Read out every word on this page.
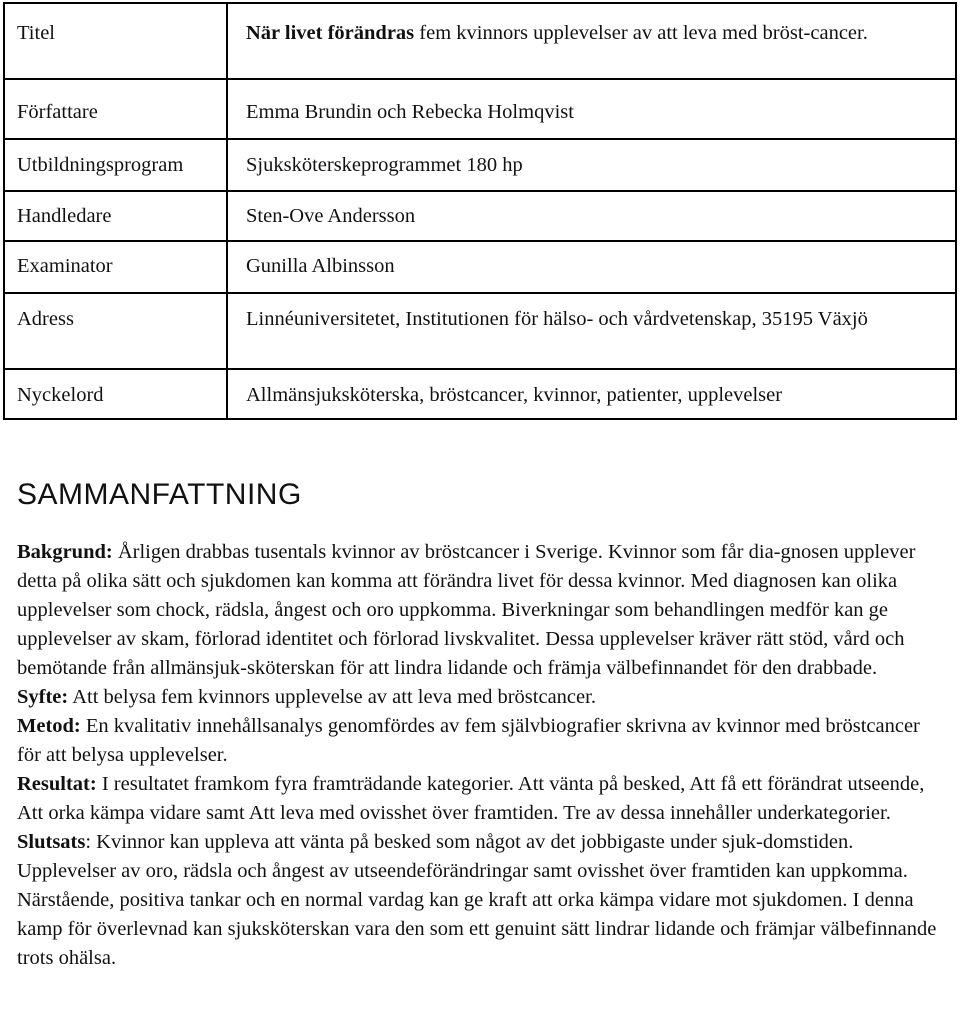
Titel	När livet förändras fem kvinnors upplevelser av att leva med bröst-cancer.
Författare	Emma Brundin och Rebecka Holmqvist
Utbildningsprogram	Sjuksköterskeprogrammet 180 hp
Handledare	Sten-Ove Andersson
Examinator	Gunilla Albinsson
Adress	Linnéuniversitetet, Institutionen för hälso- och vårdvetenskap, 35195 Växjö
Nyckelord	Allmänsjuksköterska, bröstcancer, kvinnor, patienter, upplevelser
SAMMANFATTNING

Bakgrund: Årligen drabbas tusentals kvinnor av bröstcancer i Sverige. Kvinnor som får dia-gnosen upplever detta på olika sätt och sjukdomen kan komma att förändra livet för dessa kvinnor. Med diagnosen kan olika upplevelser som chock, rädsla, ångest och oro uppkomma. Biverkningar som behandlingen medför kan ge upplevelser av skam, förlorad identitet och förlorad livskvalitet. Dessa upplevelser kräver rätt stöd, vård och bemötande från allmänsjuk-sköterskan för att lindra lidande och främja välbefinnandet för den drabbade.

Syfte: Att belysa fem kvinnors upplevelse av att leva med bröstcancer.

Metod: En kvalitativ innehållsanalys genomfördes av fem självbiografier skrivna av kvinnor med bröstcancer för att belysa upplevelser.

Resultat: I resultatet framkom fyra framträdande kategorier. Att vänta på besked, Att få ett förändrat utseende, Att orka kämpa vidare samt Att leva med ovisshet över framtiden. Tre av dessa innehåller underkategorier.

Slutsats: Kvinnor kan uppleva att vänta på besked som något av det jobbigaste under sjuk-domstiden. Upplevelser av oro, rädsla och ångest av utseendeförändringar samt ovisshet över framtiden kan uppkomma. Närstående, positiva tankar och en normal vardag kan ge kraft att orka kämpa vidare mot sjukdomen. I denna kamp för överlevnad kan sjuksköterskan vara den som ett genuint sätt lindrar lidande och främjar välbefinnande trots ohälsa.
